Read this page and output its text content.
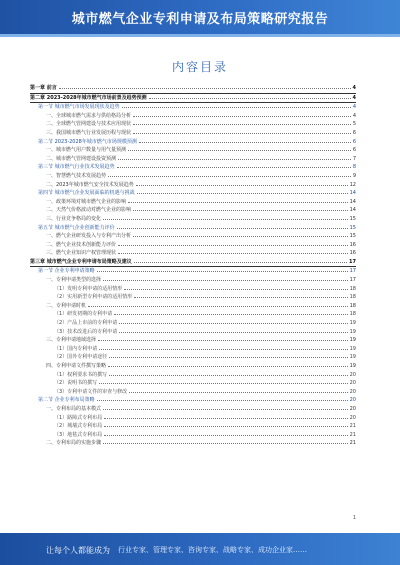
城市燃气企业专利申请及布局策略研究报告
内容目录
第一章 前言	4
第二章 2023-2028年城市燃气市场前景及趋势预测	4
第一节 城市燃气市场发展现状及趋势	4
一、全球城市燃气需求与供给格局分析	4
二、全球燃气管网建设与技术应用现状	5
三、我国城市燃气行业发展历程与现状	6
第二节 2023-2028年城市燃气市场规模预测	6
一、城市燃气用户数量与用气量预测	6
二、城市燃气管网建设投资预测	7
第三节 城市燃气行业技术发展趋势	8
一、智慧燃气技术发展趋势	9
二、2023年城市燃气安全技术发展趋势	12
第四节 城市燃气企业发展面临的机遇与挑战	14
一、政策环境对城市燃气企业的影响	14
二、天然气价格波动对燃气企业的影响	14
三、行业竞争格局的变化	15
第五节 城市燃气企业创新能力评价	15
一、燃气企业研发投入与专利产出分析	15
二、燃气企业技术创新能力评价	16
三、燃气企业知识产权管理现状	16
第三章 城市燃气企业专利申请布局策略及建议	17
第一节 企业专利申请策略	17
一、专利申请类型的选择	17
（1）发明专利申请的适用情形	18
（2）实用新型专利申请的适用情形	18
二、专利申请时机	18
（1）研发初期的专利申请	18
（2）产品上市前的专利申请	19
（3）技术改进后的专利申请	19
三、专利申请地域选择	19
（1）国内专利申请	19
（2）国外专利申请途径	19
四、专利申请文件撰写策略	19
（1）权利要求书的撰写	20
（2）说明书的撰写	20
（3）专利申请文件的审查与修改	20
第二节 企业专利布局策略	20
一、专利布局的基本模式	20
（1）路障式专利布局	20
（2）城墙式专利布局	21
（3）地毯式专利布局	21
二、专利布局的实施步骤	21
1
让每个人都能成为 行业专家、管理专家、咨询专家、战略专家、成功企业家……
